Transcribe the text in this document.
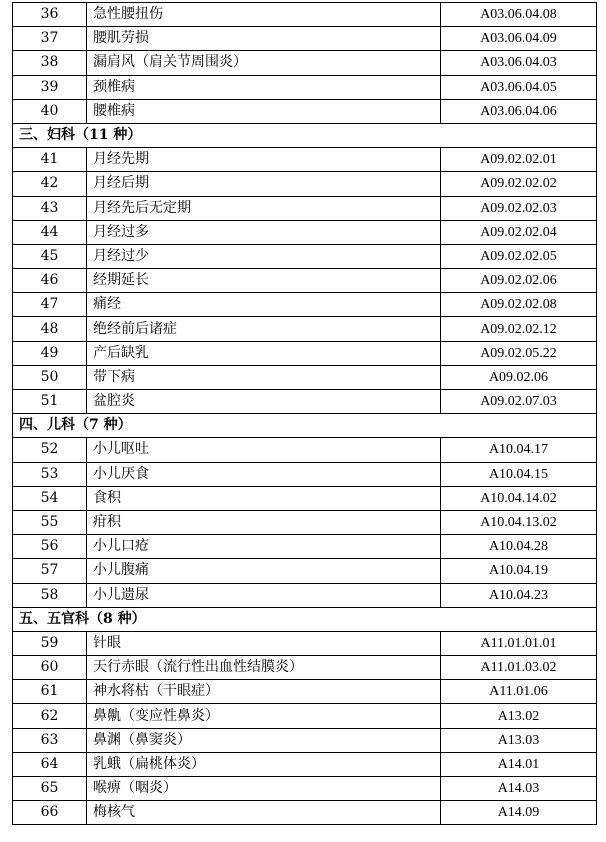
36	急性腰扭伤	A03.06.04.08
37	腰肌劳损	A03.06.04.09
38	漏肩风（肩关节周围炎）	A03.06.04.03
39	颈椎病	A03.06.04.05
40	腰椎病	A03.06.04.06
三、妇科（11 种）		
41	月经先期	A09.02.02.01
42	月经后期	A09.02.02.02
43	月经先后无定期	A09.02.02.03
44	月经过多	A09.02.02.04
45	月经过少	A09.02.02.05
46	经期延长	A09.02.02.06
47	痛经	A09.02.02.08
48	绝经前后诸症	A09.02.02.12
49	产后缺乳	A09.02.05.22
50	带下病	A09.02.06
51	盆腔炎	A09.02.07.03
四、儿科（7 种）		
52	小儿呕吐	A10.04.17
53	小儿厌食	A10.04.15
54	食积	A10.04.14.02
55	疳积	A10.04.13.02
56	小儿口疮	A10.04.28
57	小儿腹痛	A10.04.19
58	小儿遗尿	A10.04.23
五、五官科（8 种）		
59	针眼	A11.01.01.01
60	天行赤眼（流行性出血性结膜炎）	A11.01.03.02
61	神水将枯（干眼症）	A11.01.06
62	鼻鼽（变应性鼻炎）	A13.02
63	鼻渊（鼻窦炎）	A13.03
64	乳蛾（扁桃体炎）	A14.01
65	喉痹（咽炎）	A14.03
66	梅核气	A14.09
